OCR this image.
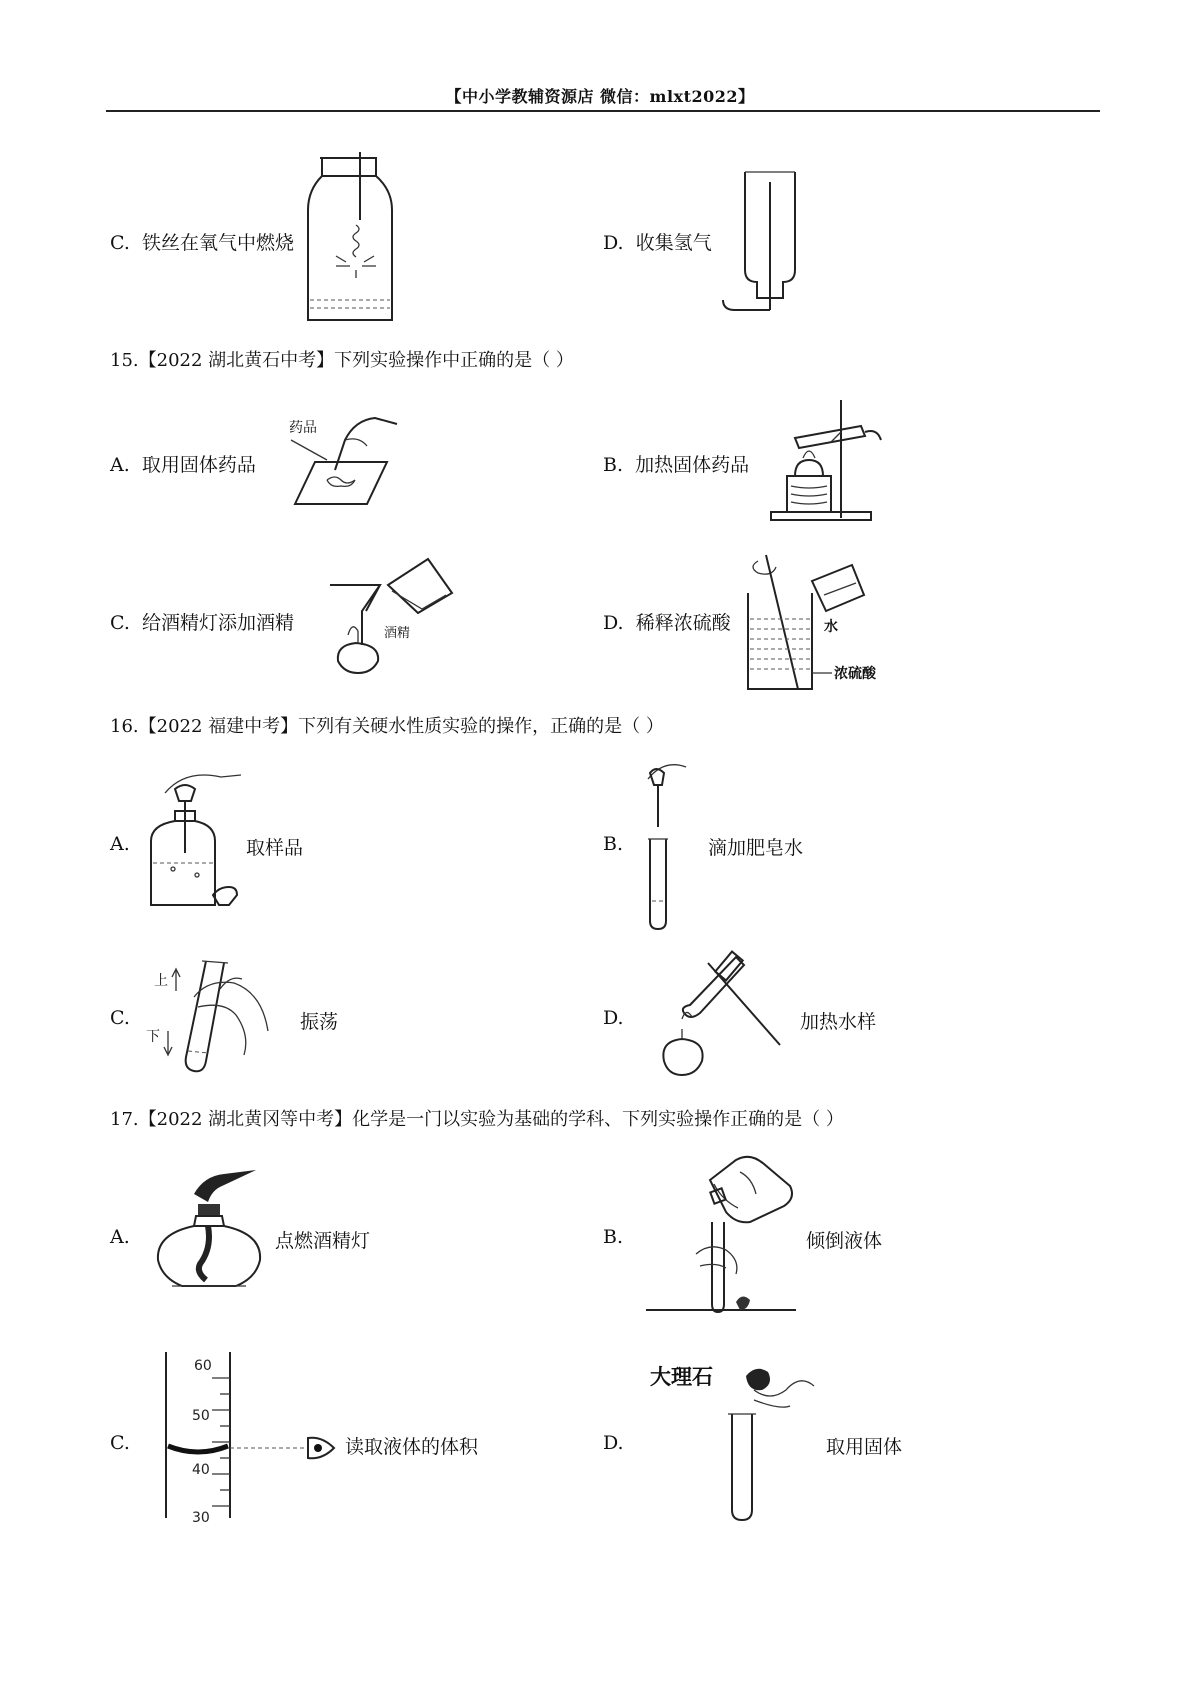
【中小学教辅资源店 微信：mlxt2022】
C. 铁丝在氧气中燃烧	D. 收集氢气
15.【2022 湖北黄石中考】下列实验操作中正确的是（ ）
A. 取用固体药品
药品
B. 加热固体药品
C. 给酒精灯添加酒精	酒精	D. 稀释浓硫酸	水
浓硫酸
16.【2022 福建中考】下列有关硬水性质实验的操作，正确的是（ ）
A.	取样品	B.	滴加肥皂水
C.
上
下
振荡	D.	加热水样
17.【2022 湖北黄冈等中考】化学是一门以实验为基础的学科、下列实验操作正确的是（ ）
A.	点燃酒精灯	B.	倾倒液体
C.
60
50
40
30
读取液体的体积	D.
大理石
取用固体
